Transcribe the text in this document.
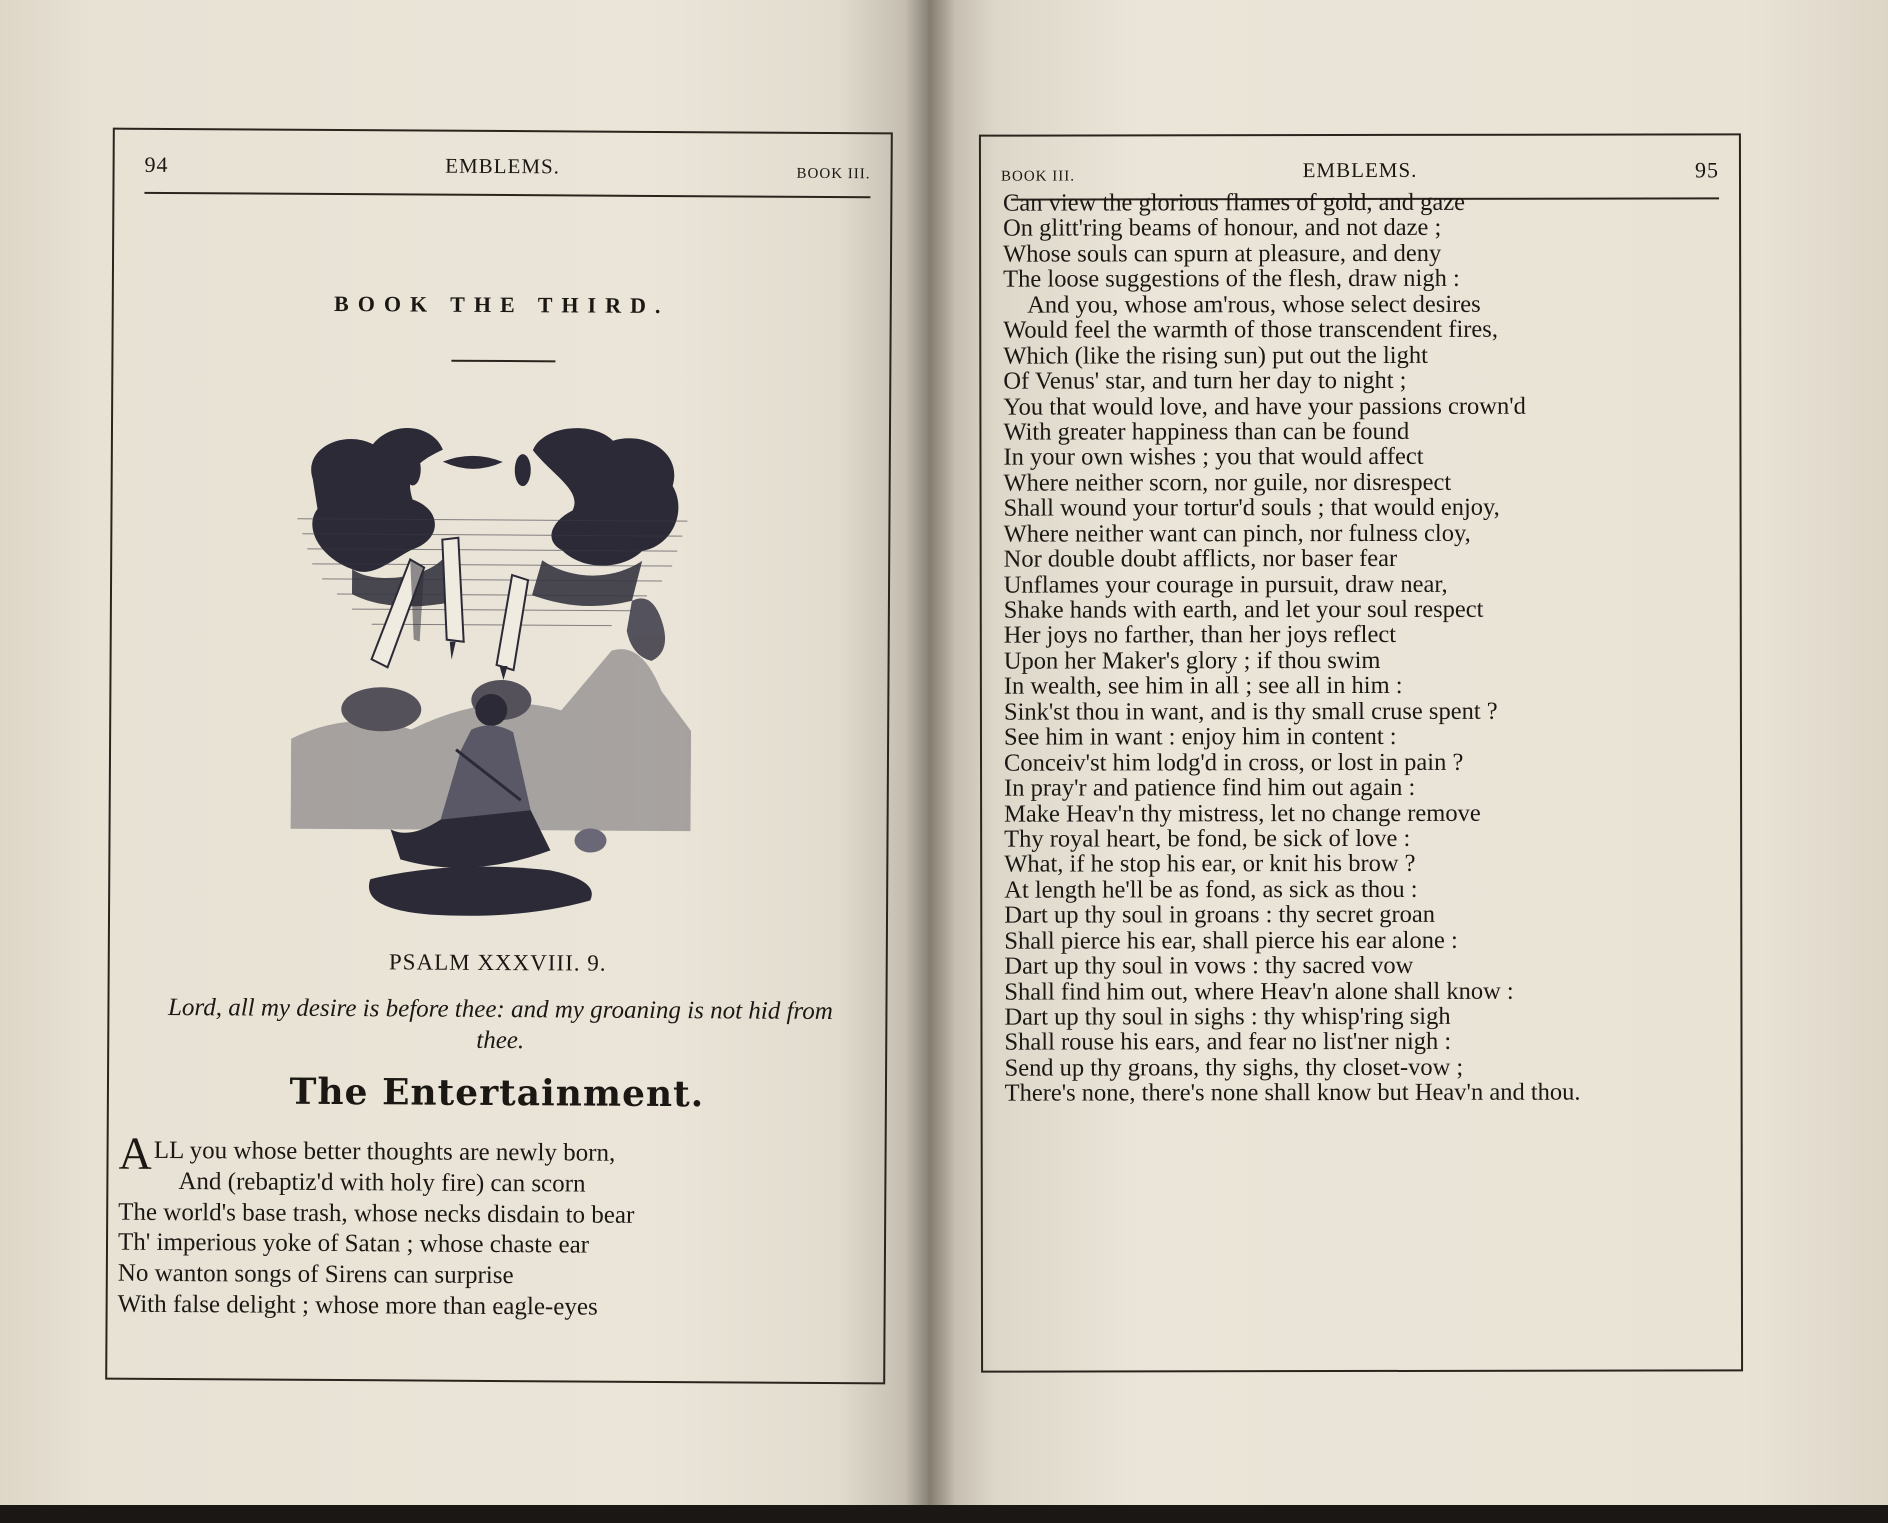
94	EMBLEMS.	BOOK III.
BOOK THE THIRD.
PSALM XXXVIII. 9.
Lord, all my desire is before thee: and my groaning is not hid from thee.
The Entertainment.
ALL you whose better thoughts are newly born,
And (rebaptiz'd with holy fire) can scorn
The world's base trash, whose necks disdain to bear
Th' imperious yoke of Satan ; whose chaste ear
No wanton songs of Sirens can surprise
With false delight ; whose more than eagle-eyes
BOOK III.	EMBLEMS.	95
Can view the glorious flames of gold, and gaze
On glitt'ring beams of honour, and not daze ;
Whose souls can spurn at pleasure, and deny
The loose suggestions of the flesh, draw nigh :
And you, whose am'rous, whose select desires
Would feel the warmth of those transcendent fires,
Which (like the rising sun) put out the light
Of Venus' star, and turn her day to night ;
You that would love, and have your passions crown'd
With greater happiness than can be found
In your own wishes ; you that would affect
Where neither scorn, nor guile, nor disrespect
Shall wound your tortur'd souls ; that would enjoy,
Where neither want can pinch, nor fulness cloy,
Nor double doubt afflicts, nor baser fear
Unflames your courage in pursuit, draw near,
Shake hands with earth, and let your soul respect
Her joys no farther, than her joys reflect
Upon her Maker's glory ; if thou swim
In wealth, see him in all ; see all in him :
Sink'st thou in want, and is thy small cruse spent ?
See him in want : enjoy him in content :
Conceiv'st him lodg'd in cross, or lost in pain ?
In pray'r and patience find him out again :
Make Heav'n thy mistress, let no change remove
Thy royal heart, be fond, be sick of love :
What, if he stop his ear, or knit his brow ?
At length he'll be as fond, as sick as thou :
Dart up thy soul in groans : thy secret groan
Shall pierce his ear, shall pierce his ear alone :
Dart up thy soul in vows : thy sacred vow
Shall find him out, where Heav'n alone shall know :
Dart up thy soul in sighs : thy whisp'ring sigh
Shall rouse his ears, and fear no list'ner nigh :
Send up thy groans, thy sighs, thy closet-vow ;
There's none, there's none shall know but Heav'n and thou.
